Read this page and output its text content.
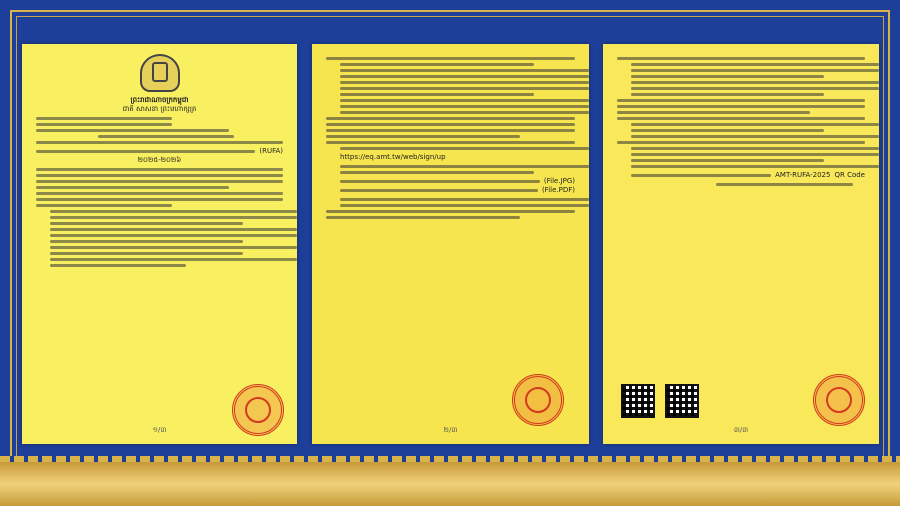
ព្រះរាជាណាចក្រកម្ពុជា
ជាតិ សាសនា ព្រះមហាក្សត្រ
(RUFA)
២០២៥-២០២៦
១/៣
https://eq.amt.tw/web/sign/up
(File.JPG)
(File.PDF)
២/៣
AMT-RUFA-2025 QR Code
៣/៣
